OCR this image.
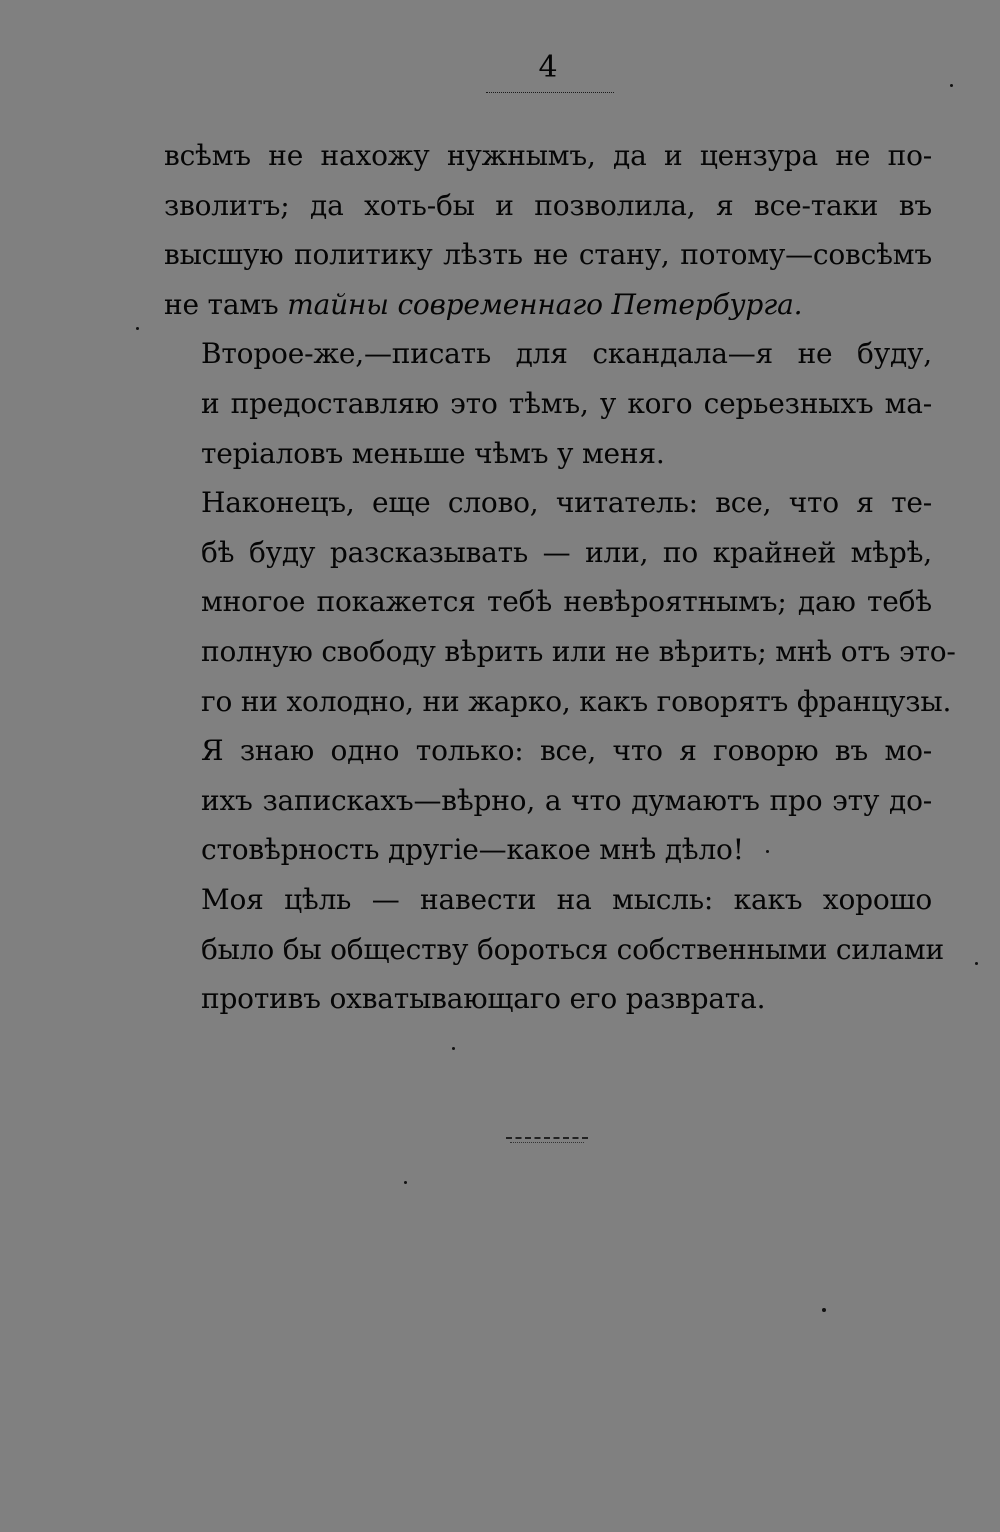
4

всѣмъ не нахожу нужнымъ, да и цензура не по-
зволитъ; да хоть-бы и позволила, я все-таки въ
высшую политику лѣзть не стану, потому—совсѣмъ
не тамъ тайны современнаго Петербурга.

Второе-же,—писать для скандала—я не буду,
и предоставляю это тѣмъ, у кого серьезныхъ ма-
теріаловъ меньше чѣмъ у меня.

Наконецъ, еще слово, читатель: все, что я те-
бѣ буду разсказывать — или, по крайней мѣрѣ,
многое покажется тебѣ невѣроятнымъ; даю тебѣ
полную свободу вѣрить или не вѣрить; мнѣ отъ это-
го ни холодно, ни жарко, какъ говорятъ французы.

Я знаю одно только: все, что я говорю въ мо-
ихъ запискахъ—вѣрно, а что думаютъ про эту до-
стовѣрность другіе—какое мнѣ дѣло!

Моя цѣль — навести на мысль: какъ хорошо
было бы обществу бороться собственными силами
противъ охватывающаго его разврата.
